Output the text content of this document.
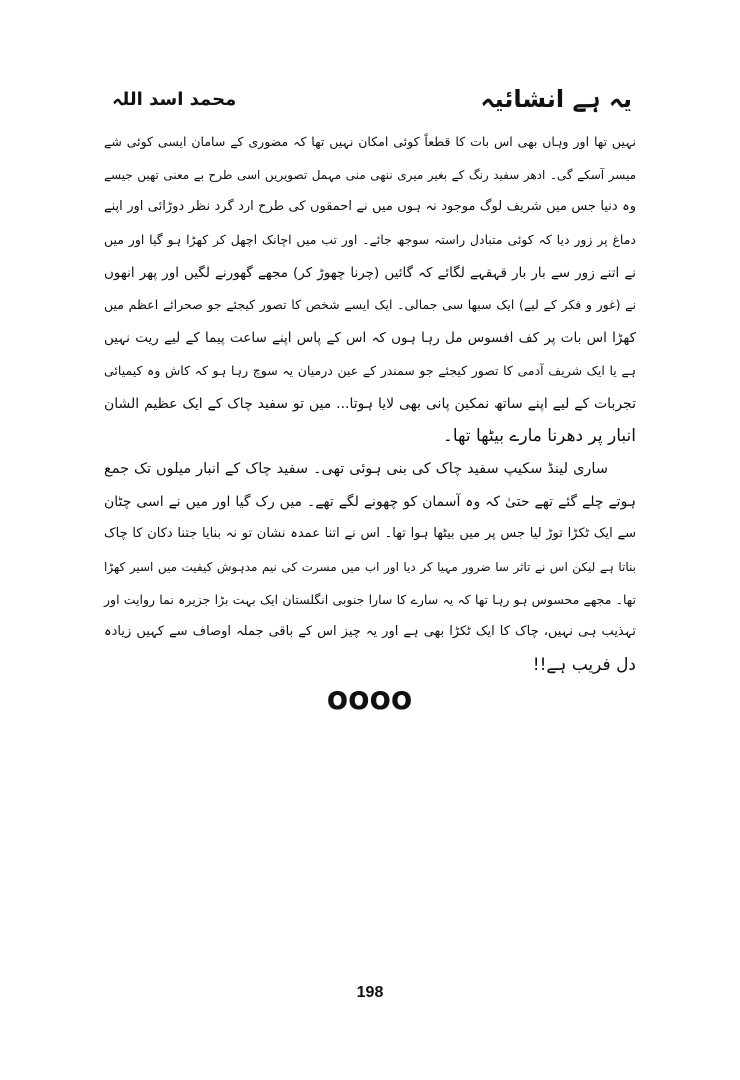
یہ ہے انشائیہ
محمد اسد اللہ
نہیں تھا اور وہاں بھی اس بات کا قطعاً کوئی امکان نہیں تھا کہ مضوری کے سامان ایسی کوئی شے
میسر آسکے گی۔ ادھر سفید رنگ کے بغیر میری ننھی منی مہمل تصویریں اسی طرح بے معنی تھیں جیسے
وہ دنیا جس میں شریف لوگ موجود نہ ہوں میں نے احمقوں کی طرح ارد گرد نظر دوڑائی اور اپنے
دماغ پر زور دیا کہ کوئی متبادل راستہ سوجھ جائے۔ اور تب میں اچانک اچھل کر کھڑا ہو گیا اور میں
نے اتنے زور سے بار بار قہقہے لگائے کہ گائیں (چرنا چھوڑ کر) مجھے گھورنے لگیں اور پھر انھوں
نے (غور و فکر کے لیے) ایک سبھا سی جمالی۔ ایک ایسے شخص کا تصور کیجئے جو صحرائے اعظم میں
کھڑا اس بات پر کف افسوس مل رہا ہوں کہ اس کے پاس اپنے ساعت پیما کے لیے ریت نہیں
ہے یا ایک شریف آدمی کا تصور کیجئے جو سمندر کے عین درمیان یہ سوچ رہا ہو کہ کاش وہ کیمیائی
تجربات کے لیے اپنے ساتھ نمکین پانی بھی لایا ہوتا... میں تو سفید چاک کے ایک عظیم الشان
انبار پر دھرنا مارے بیٹھا تھا۔
ساری لینڈ سکیپ سفید چاک کی بنی ہوئی تھی۔ سفید چاک کے انبار میلوں تک جمع
ہوتے چلے گئے تھے حتیٰ کہ وہ آسمان کو چھونے لگے تھے۔ میں رک گیا اور میں نے اسی چٹان
سے ایک ٹکڑا توڑ لیا جس پر میں بیٹھا ہوا تھا۔ اس نے اتنا عمدہ نشان تو نہ بنایا جتنا دکان کا چاک
بناتا ہے لیکن اس نے تاثر سا ضرور مہیا کر دیا اور اب میں مسرت کی نیم مدہوش کیفیت میں اسیر کھڑا
تھا۔ مجھے محسوس ہو رہا تھا کہ یہ سارے کا سارا جنوبی انگلستان ایک بہت بڑا جزیرہ نما روایت اور
تہذیب ہی نہیں، چاک کا ایک ٹکڑا بھی ہے اور یہ چیز اس کے باقی جملہ اوصاف سے کہیں زیادہ
دل فریب ہے!!
OOOO
198
